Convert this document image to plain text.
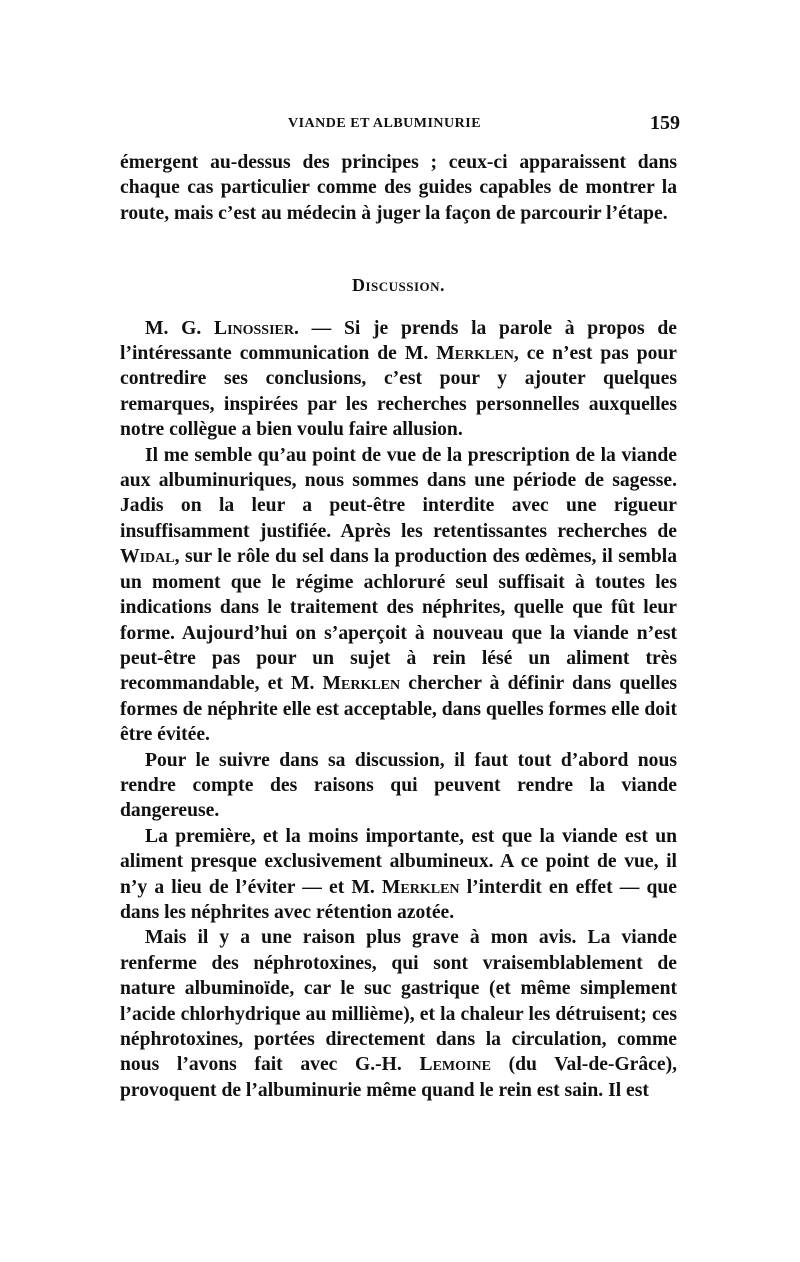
VIANDE ET ALBUMINURIE	159

émergent au-dessus des principes ; ceux-ci apparaissent dans chaque cas particulier comme des guides capables de montrer la route, mais c’est au médecin à juger la façon de parcourir l’étape.

Discussion.

M. G. Linossier. — Si je prends la parole à propos de l’intéressante communication de M. Merklen, ce n’est pas pour contredire ses conclusions, c’est pour y ajouter quelques remarques, inspirées par les recherches personnelles auxquelles notre collègue a bien voulu faire allusion.

Il me semble qu’au point de vue de la prescription de la viande aux albuminuriques, nous sommes dans une période de sagesse. Jadis on la leur a peut-être interdite avec une rigueur insuffisamment justifiée. Après les retentissantes recherches de Widal, sur le rôle du sel dans la production des œdèmes, il sembla un moment que le régime achloruré seul suffisait à toutes les indications dans le traitement des néphrites, quelle que fût leur forme. Aujourd’hui on s’aperçoit à nouveau que la viande n’est peut-être pas pour un sujet à rein lésé un aliment très recommandable, et M. Merklen chercher à définir dans quelles formes de néphrite elle est acceptable, dans quelles formes elle doit être évitée.

Pour le suivre dans sa discussion, il faut tout d’abord nous rendre compte des raisons qui peuvent rendre la viande dangereuse.

La première, et la moins importante, est que la viande est un aliment presque exclusivement albumineux. A ce point de vue, il n’y a lieu de l’éviter — et M. Merklen l’interdit en effet — que dans les néphrites avec rétention azotée.

Mais il y a une raison plus grave à mon avis. La viande renferme des néphrotoxines, qui sont vraisemblablement de nature albuminoïde, car le suc gastrique (et même simplement l’acide chlorhydrique au millième), et la chaleur les détruisent; ces néphrotoxines, portées directement dans la circulation, comme nous l’avons fait avec G.-H. Lemoine (du Val-de-Grâce), provoquent de l’albuminurie même quand le rein est sain. Il est
